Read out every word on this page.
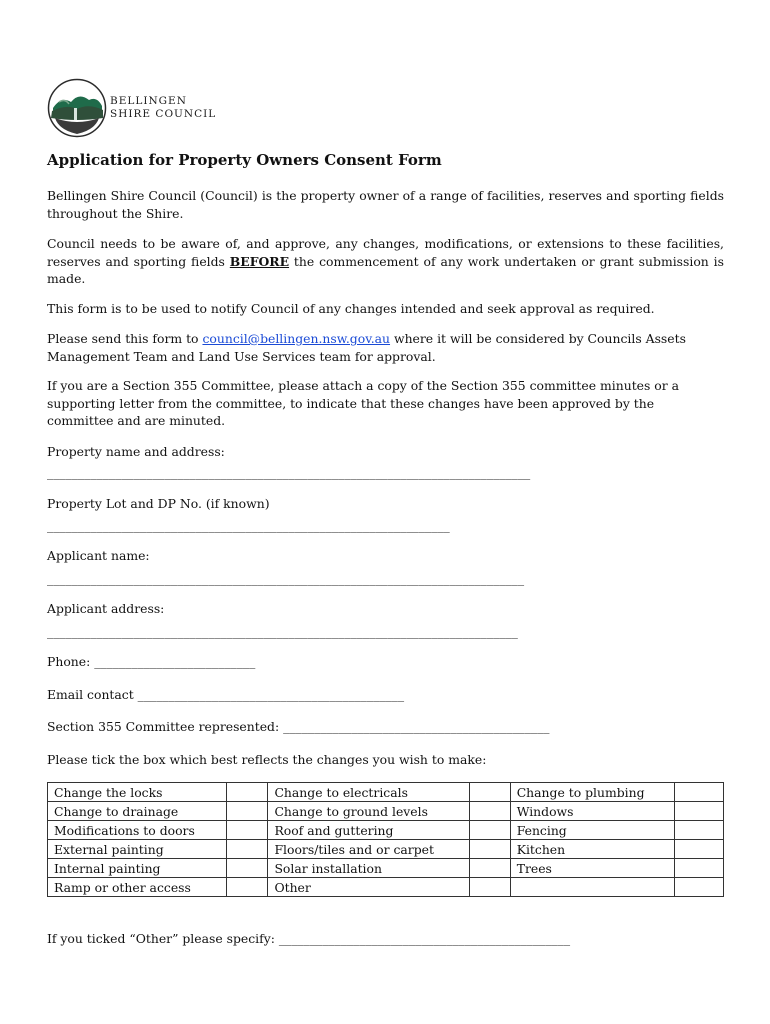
BELLINGEN
SHIRE COUNCIL
Application for Property Owners Consent Form

Bellingen Shire Council (Council) is the property owner of a range of facilities, reserves and sporting fields throughout the Shire.

Council needs to be aware of, and approve, any changes, modifications, or extensions to these facilities, reserves and sporting fields BEFORE the commencement of any work undertaken or grant submission is made.

This form is to be used to notify Council of any changes intended and seek approval as required.

Please send this form to council@bellingen.nsw.gov.au where it will be considered by Councils Assets Management Team and Land Use Services team for approval.

If you are a Section 355 Committee, please attach a copy of the Section 355 committee minutes or a supporting letter from the committee, to indicate that these changes have been approved by the committee and are minuted.

Property name and address:
______________________________________________________________________________
Property Lot and DP No. (if known)
_________________________________________________________________
Applicant name:
_____________________________________________________________________________
Applicant address:
____________________________________________________________________________
Phone: __________________________
Email contact ___________________________________________
Section 355 Committee represented: ___________________________________________
Please tick the box which best reflects the changes you wish to make:
Change the locks		Change to electricals		Change to plumbing	
Change to drainage		Change to ground levels		Windows	
Modifications to doors		Roof and guttering		Fencing	
External painting		Floors/tiles and or carpet		Kitchen	
Internal painting		Solar installation		Trees	
Ramp or other access		Other			
If you ticked “Other” please specify: _______________________________________________
